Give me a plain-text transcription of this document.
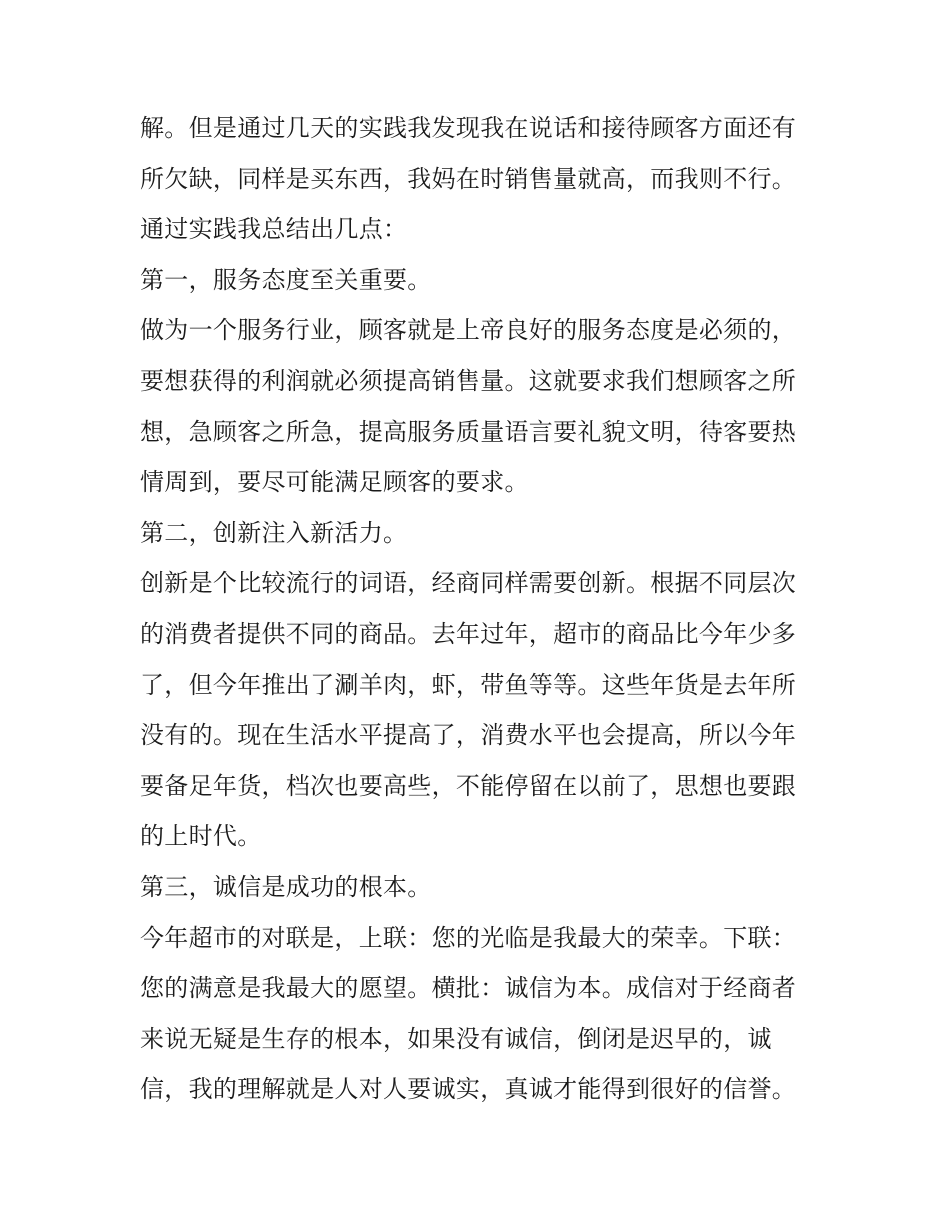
解。但是通过几天的实践我发现我在说话和接待顾客方面还有
所欠缺，同样是买东西，我妈在时销售量就高，而我则不行。
通过实践我总结出几点：
第一，服务态度至关重要。
做为一个服务行业，顾客就是上帝良好的服务态度是必须的，
要想获得的利润就必须提高销售量。这就要求我们想顾客之所
想，急顾客之所急，提高服务质量语言要礼貌文明，待客要热
情周到，要尽可能满足顾客的要求。
第二，创新注入新活力。
创新是个比较流行的词语，经商同样需要创新。根据不同层次
的消费者提供不同的商品。去年过年，超市的商品比今年少多
了，但今年推出了涮羊肉，虾，带鱼等等。这些年货是去年所
没有的。现在生活水平提高了，消费水平也会提高，所以今年
要备足年货，档次也要高些，不能停留在以前了，思想也要跟
的上时代。
第三，诚信是成功的根本。
今年超市的对联是，上联：您的光临是我最大的荣幸。下联：
您的满意是我最大的愿望。横批：诚信为本。成信对于经商者
来说无疑是生存的根本，如果没有诚信，倒闭是迟早的，诚
信，我的理解就是人对人要诚实，真诚才能得到很好的信誉。
